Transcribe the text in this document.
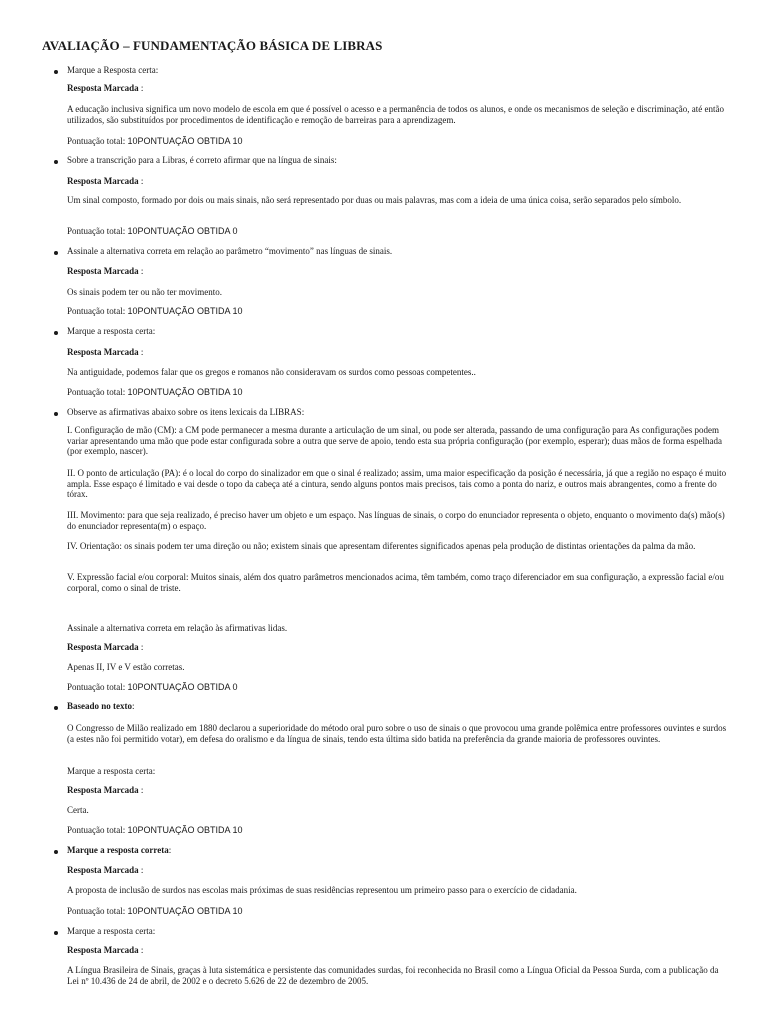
AVALIAÇÃO – FUNDAMENTAÇÃO BÁSICA DE LIBRAS
Marque a Resposta certa:
Resposta Marcada :
A educação inclusiva significa um novo modelo de escola em que é possível o acesso e a permanência de todos os alunos, e onde os mecanismos de seleção e discriminação, até então utilizados, são substituídos por procedimentos de identificação e remoção de barreiras para a aprendizagem.
Pontuação total: 10PONTUAÇÃO OBTIDA 10
Sobre a transcrição para a Libras, é correto afirmar que na língua de sinais:
Resposta Marcada :
Um sinal composto, formado por dois ou mais sinais, não será representado por duas ou mais palavras, mas com a ideia de uma única coisa, serão separados pelo símbolo.
Pontuação total: 10PONTUAÇÃO OBTIDA 0
Assinale a alternativa correta em relação ao parâmetro “movimento” nas línguas de sinais.
Resposta Marcada :
Os sinais podem ter ou não ter movimento.
Pontuação total: 10PONTUAÇÃO OBTIDA 10
Marque a resposta certa:
Resposta Marcada :
Na antiguidade, podemos falar que os gregos e romanos não consideravam os surdos como pessoas competentes..
Pontuação total: 10PONTUAÇÃO OBTIDA 10
Observe as afirmativas abaixo sobre os itens lexicais da LIBRAS:
I. Configuração de mão (CM): a CM pode permanecer a mesma durante a articulação de um sinal, ou pode ser alterada, passando de uma configuração para As configurações podem variar apresentando uma mão que pode estar configurada sobre a outra que serve de apoio, tendo esta sua própria configuração (por exemplo, esperar); duas mãos de forma espelhada (por exemplo, nascer).
II. O ponto de articulação (PA): é o local do corpo do sinalizador em que o sinal é realizado; assim, uma maior especificação da posição é necessária, já que a região no espaço é muito ampla. Esse espaço é limitado e vai desde o topo da cabeça até a cintura, sendo alguns pontos mais precisos, tais como a ponta do nariz, e outros mais abrangentes, como a frente do tórax.
III. Movimento: para que seja realizado, é preciso haver um objeto e um espaço. Nas línguas de sinais, o corpo do enunciador representa o objeto, enquanto o movimento da(s) mão(s) do enunciador representa(m) o espaço.
IV. Orientação: os sinais podem ter uma direção ou não; existem sinais que apresentam diferentes significados apenas pela produção de distintas orientações da palma da mão.
V. Expressão facial e/ou corporal: Muitos sinais, além dos quatro parâmetros mencionados acima, têm também, como traço diferenciador em sua configuração, a expressão facial e/ou corporal, como o sinal de triste.
Assinale a alternativa correta em relação às afirmativas lidas.
Resposta Marcada :
Apenas II, IV e V estão corretas.
Pontuação total: 10PONTUAÇÃO OBTIDA 0
Baseado no texto:
O Congresso de Milão realizado em 1880 declarou a superioridade do método oral puro sobre o uso de sinais o que provocou uma grande polêmica entre professores ouvintes e surdos (a estes não foi permitido votar), em defesa do oralismo e da língua de sinais, tendo esta última sido batida na preferência da grande maioria de professores ouvintes.
Marque a resposta certa:
Resposta Marcada :
Certa.
Pontuação total: 10PONTUAÇÃO OBTIDA 10
Marque a resposta correta:
Resposta Marcada :
A proposta de inclusão de surdos nas escolas mais próximas de suas residências representou um primeiro passo para o exercício de cidadania.
Pontuação total: 10PONTUAÇÃO OBTIDA 10
Marque a resposta certa:
Resposta Marcada :
A Língua Brasileira de Sinais, graças à luta sistemática e persistente das comunidades surdas, foi reconhecida no Brasil como a Língua Oficial da Pessoa Surda, com a publicação da Lei nº 10.436 de 24 de abril, de 2002 e o decreto 5.626 de 22 de dezembro de 2005.
